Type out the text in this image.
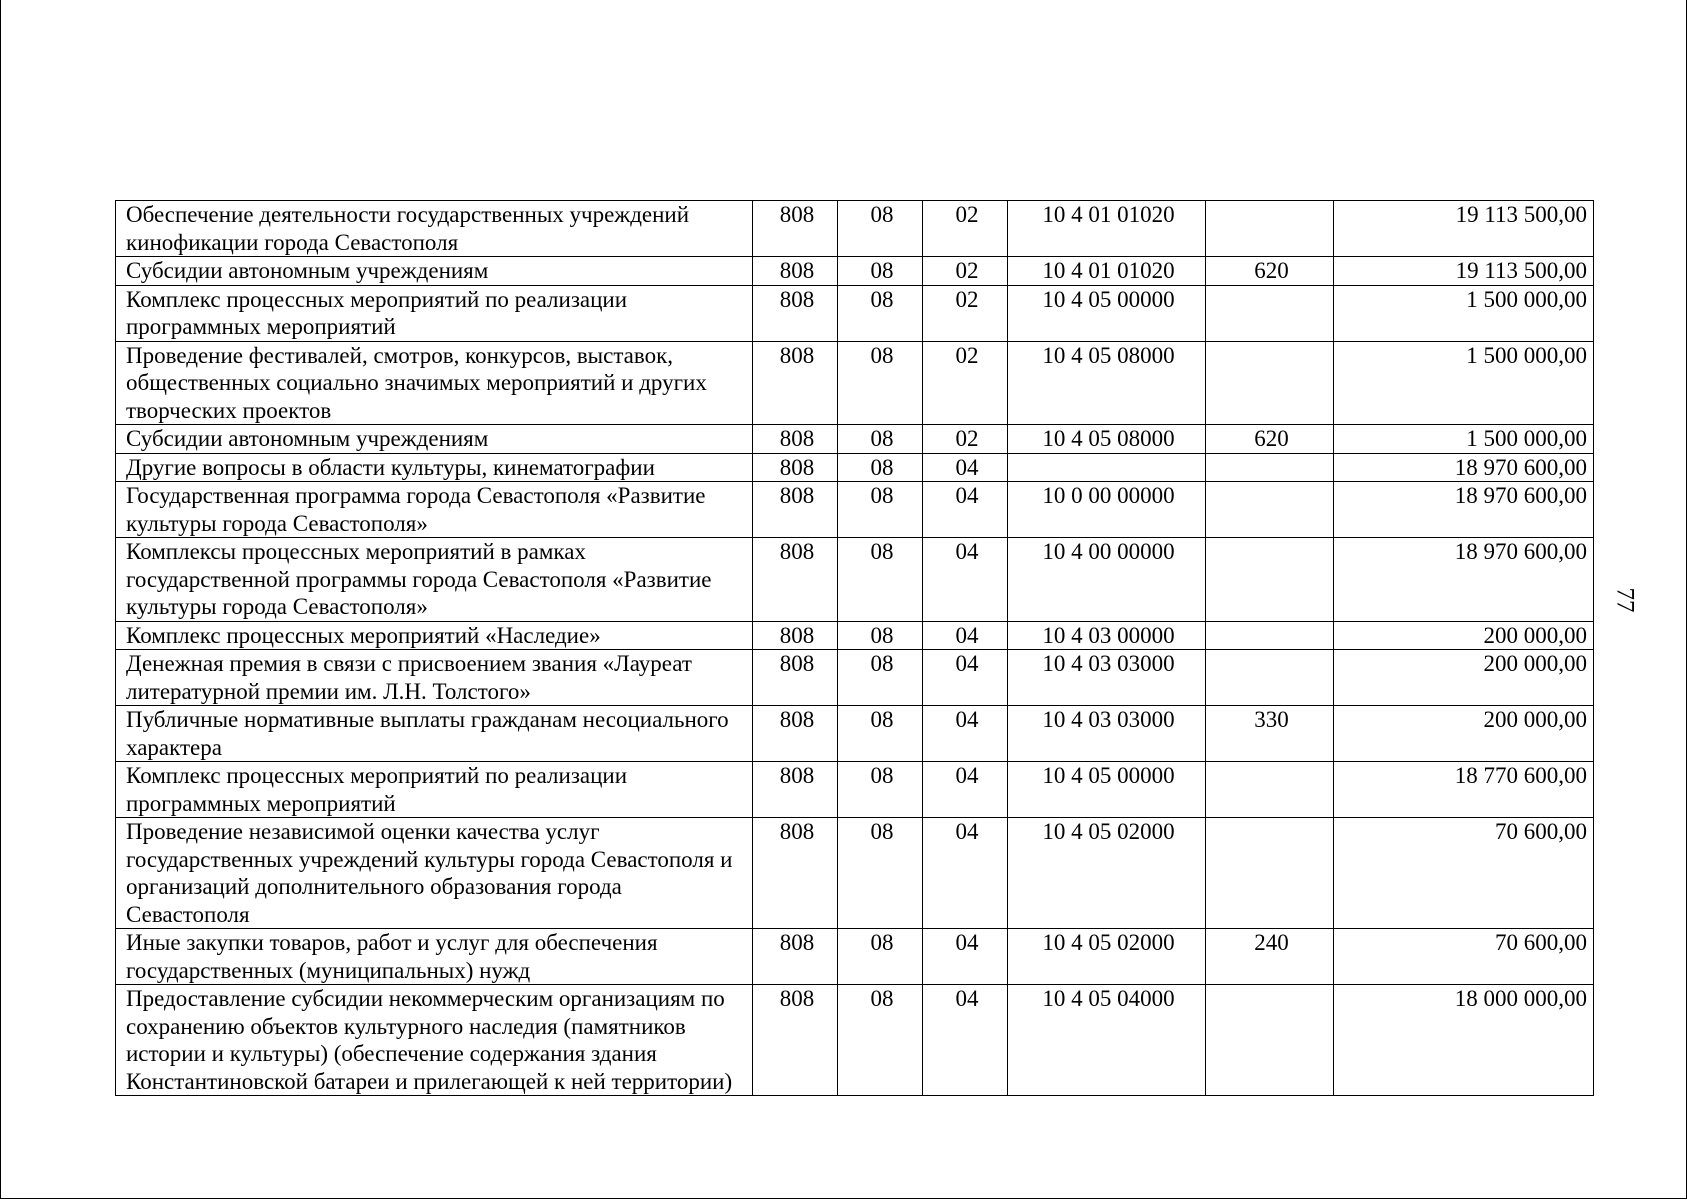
Обеспечение деятельности государственных учреждений кинофикации города Севастополя	808	08	02	10 4 01 01020		19 113 500,00
Субсидии автономным учреждениям	808	08	02	10 4 01 01020	620	19 113 500,00
Комплекс процессных мероприятий по реализации программных мероприятий	808	08	02	10 4 05 00000		1 500 000,00
Проведение фестивалей, смотров, конкурсов, выставок, общественных социально значимых мероприятий и других творческих проектов	808	08	02	10 4 05 08000		1 500 000,00
Субсидии автономным учреждениям	808	08	02	10 4 05 08000	620	1 500 000,00
Другие вопросы в области культуры, кинематографии	808	08	04			18 970 600,00
Государственная программа города Севастополя «Развитие культуры города Севастополя»	808	08	04	10 0 00 00000		18 970 600,00
Комплексы процессных мероприятий в рамках государственной программы города Севастополя «Развитие культуры города Севастополя»	808	08	04	10 4 00 00000		18 970 600,00
Комплекс процессных мероприятий «Наследие»	808	08	04	10 4 03 00000		200 000,00
Денежная премия в связи с присвоением звания «Лауреат литературной премии им. Л.Н. Толстого»	808	08	04	10 4 03 03000		200 000,00
Публичные нормативные выплаты гражданам несоциального характера	808	08	04	10 4 03 03000	330	200 000,00
Комплекс процессных мероприятий по реализации программных мероприятий	808	08	04	10 4 05 00000		18 770 600,00
Проведение независимой оценки качества услуг государственных учреждений культуры города Севастополя и организаций дополнительного образования города Севастополя	808	08	04	10 4 05 02000		70 600,00
Иные закупки товаров, работ и услуг для обеспечения государственных (муниципальных) нужд	808	08	04	10 4 05 02000	240	70 600,00
Предоставление субсидии некоммерческим организациям по сохранению объектов культурного наследия (памятников истории и культуры) (обеспечение содержания здания Константиновской батареи и прилегающей к ней территории)	808	08	04	10 4 05 04000		18 000 000,00
77
